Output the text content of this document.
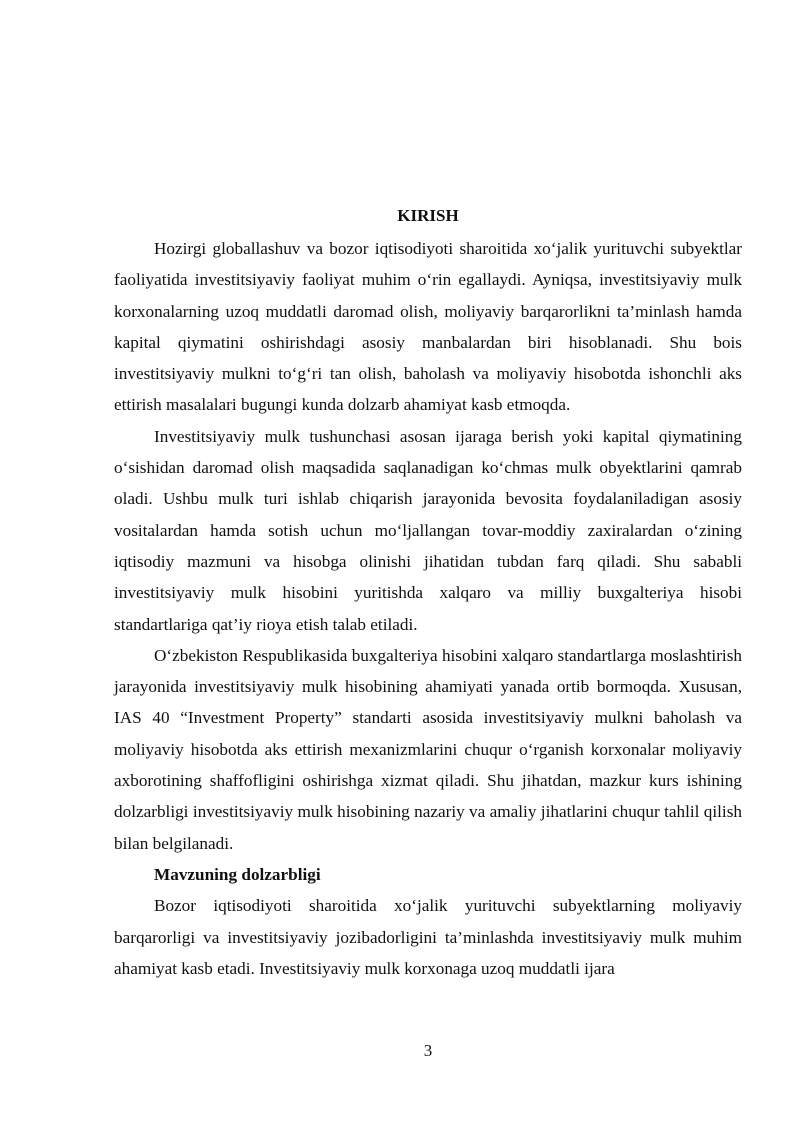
KIRISH

Hozirgi globallashuv va bozor iqtisodiyoti sharoitida xo‘jalik yurituvchi subyektlar faoliyatida investitsiyaviy faoliyat muhim o‘rin egallaydi. Ayniqsa, investitsiyaviy mulk korxonalarning uzoq muddatli daromad olish, moliyaviy barqarorlikni ta’minlash hamda kapital qiymatini oshirishdagi asosiy manbalardan biri hisoblanadi. Shu bois investitsiyaviy mulkni to‘g‘ri tan olish, baholash va moliyaviy hisobotda ishonchli aks ettirish masalalari bugungi kunda dolzarb ahamiyat kasb etmoqda.

Investitsiyaviy mulk tushunchasi asosan ijaraga berish yoki kapital qiymatining o‘sishidan daromad olish maqsadida saqlanadigan ko‘chmas mulk obyektlarini qamrab oladi. Ushbu mulk turi ishlab chiqarish jarayonida bevosita foydalaniladigan asosiy vositalardan hamda sotish uchun mo‘ljallangan tovar-moddiy zaxiralardan o‘zining iqtisodiy mazmuni va hisobga olinishi jihatidan tubdan farq qiladi. Shu sababli investitsiyaviy mulk hisobini yuritishda xalqaro va milliy buxgalteriya hisobi standartlariga qat’iy rioya etish talab etiladi.

O‘zbekiston Respublikasida buxgalteriya hisobini xalqaro standartlarga moslashtirish jarayonida investitsiyaviy mulk hisobining ahamiyati yanada ortib bormoqda. Xususan, IAS 40 “Investment Property” standarti asosida investitsiyaviy mulkni baholash va moliyaviy hisobotda aks ettirish mexanizmlarini chuqur o‘rganish korxonalar moliyaviy axborotining shaffofligini oshirishga xizmat qiladi. Shu jihatdan, mazkur kurs ishining dolzarbligi investitsiyaviy mulk hisobining nazariy va amaliy jihatlarini chuqur tahlil qilish bilan belgilanadi.

Mavzuning dolzarbligi

Bozor iqtisodiyoti sharoitida xo‘jalik yurituvchi subyektlarning moliyaviy barqarorligi va investitsiyaviy jozibadorligini ta’minlashda investitsiyaviy mulk muhim ahamiyat kasb etadi. Investitsiyaviy mulk korxonaga uzoq muddatli ijara

3
